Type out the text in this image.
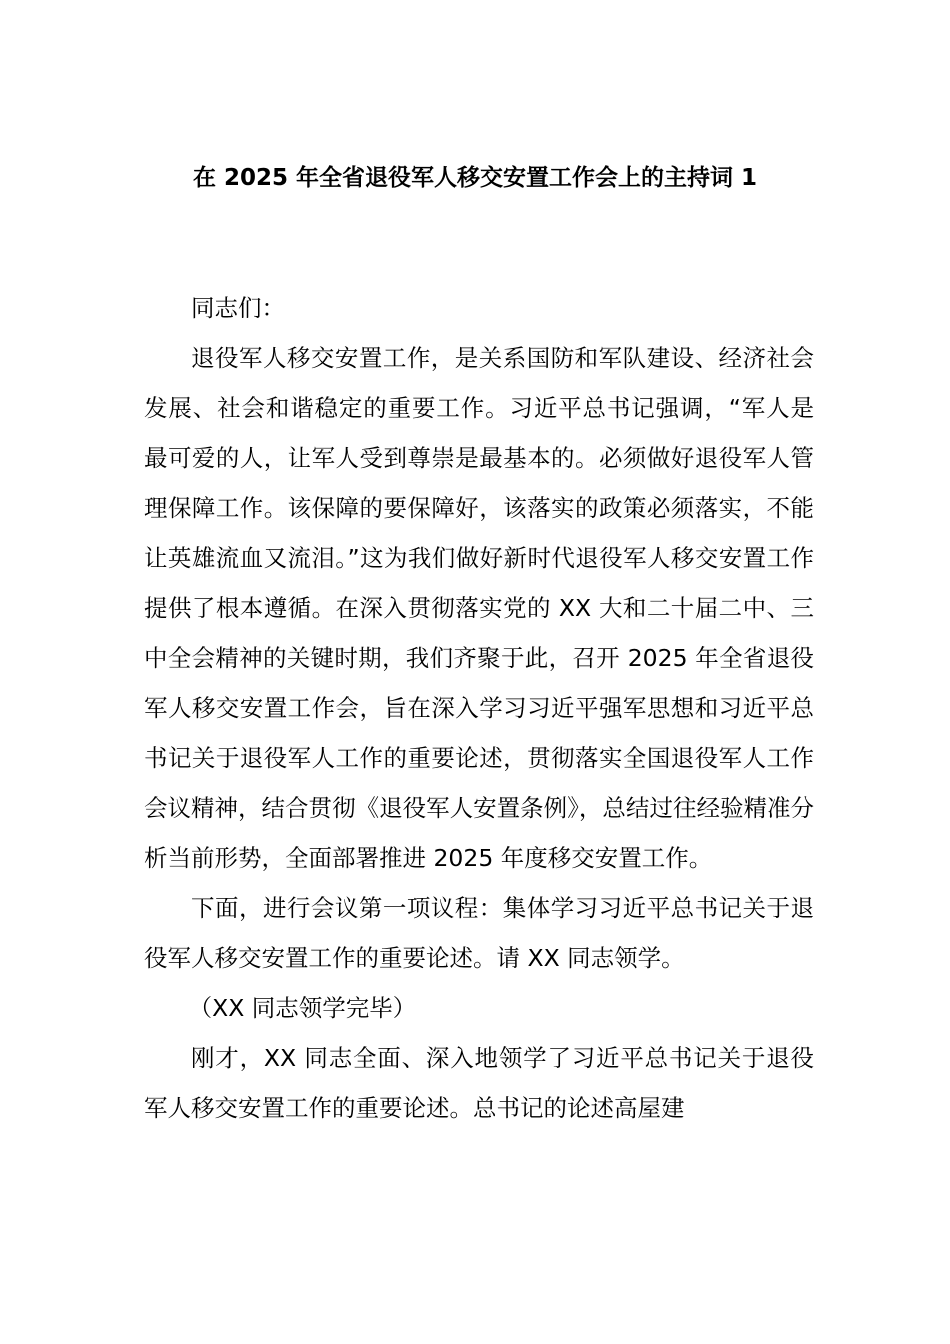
在 2025 年全省退役军人移交安置工作会上的主持词 1

同志们：

退役军人移交安置工作，是关系国防和军队建设、经济社会发展、社会和谐稳定的重要工作。习近平总书记强调，“军人是最可爱的人，让军人受到尊崇是最基本的。必须做好退役军人管理保障工作。该保障的要保障好，该落实的政策必须落实，不能让英雄流血又流泪。”这为我们做好新时代退役军人移交安置工作提供了根本遵循。在深入贯彻落实党的 XX 大和二十届二中、三中全会精神的关键时期，我们齐聚于此，召开 2025 年全省退役军人移交安置工作会，旨在深入学习习近平强军思想和习近平总书记关于退役军人工作的重要论述，贯彻落实全国退役军人工作会议精神，结合贯彻《退役军人安置条例》，总结过往经验精准分析当前形势，全面部署推进 2025 年度移交安置工作。

下面，进行会议第一项议程：集体学习习近平总书记关于退役军人移交安置工作的重要论述。请 XX 同志领学。

（XX 同志领学完毕）

刚才，XX 同志全面、深入地领学了习近平总书记关于退役军人移交安置工作的重要论述。总书记的论述高屋建
